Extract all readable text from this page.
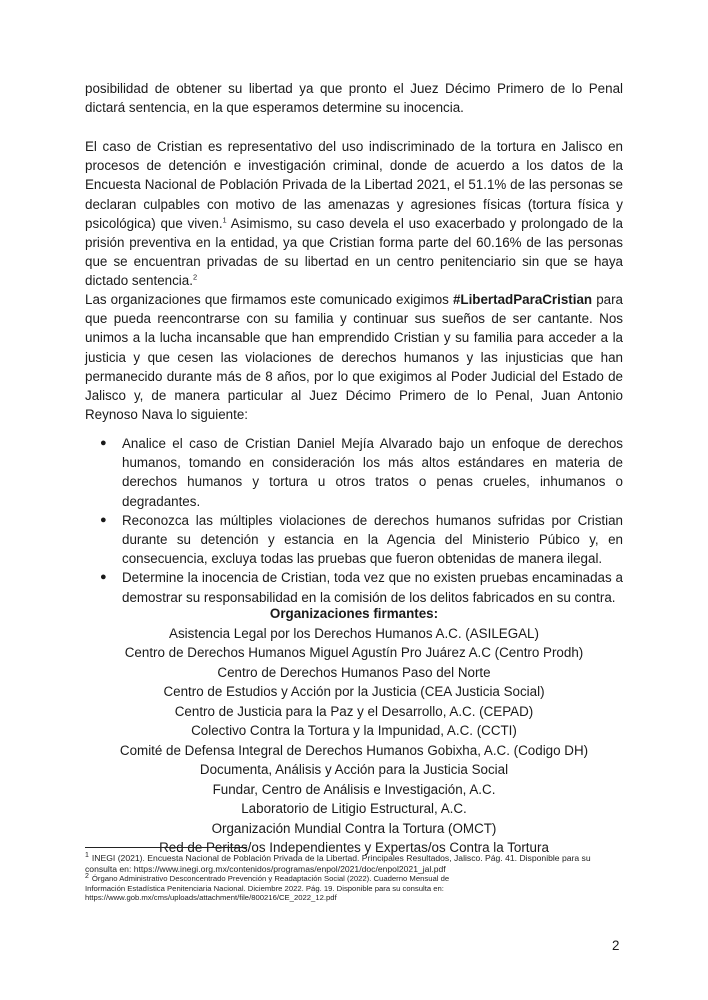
posibilidad de obtener su libertad ya que pronto el Juez Décimo Primero de lo Penal dictará sentencia, en la que esperamos determine su inocencia.

El caso de Cristian es representativo del uso indiscriminado de la tortura en Jalisco en procesos de detención e investigación criminal, donde de acuerdo a los datos de la Encuesta Nacional de Población Privada de la Libertad 2021, el 51.1% de las personas se declaran culpables con motivo de las amenazas y agresiones físicas (tortura física y psicológica) que viven.$^1$ Asimismo, su caso devela el uso exacerbado y prolongado de la prisión preventiva en la entidad, ya que Cristian forma parte del 60.16% de las personas que se encuentran privadas de su libertad en un centro penitenciario sin que se haya dictado sentencia.$^2$

Las organizaciones que firmamos este comunicado exigimos #LibertadParaCristian para que pueda reencontrarse con su familia y continuar sus sueños de ser cantante. Nos unimos a la lucha incansable que han emprendido Cristian y su familia para acceder a la justicia y que cesen las violaciones de derechos humanos y las injusticias que han permanecido durante más de 8 años, por lo que exigimos al Poder Judicial del Estado de Jalisco y, de manera particular al Juez Décimo Primero de lo Penal, Juan Antonio Reynoso Nava lo siguiente:

● Analice el caso de Cristian Daniel Mejía Alvarado bajo un enfoque de derechos humanos, tomando en consideración los más altos estándares en materia de derechos humanos y tortura u otros tratos o penas crueles, inhumanos o degradantes.
● Reconozca las múltiples violaciones de derechos humanos sufridas por Cristian durante su detención y estancia en la Agencia del Ministerio Púbico y, en consecuencia, excluya todas las pruebas que fueron obtenidas de manera ilegal.
● Determine la inocencia de Cristian, toda vez que no existen pruebas encaminadas a demostrar su responsabilidad en la comisión de los delitos fabricados en su contra.
Organizaciones firmantes:
Asistencia Legal por los Derechos Humanos A.C. (ASILEGAL)
Centro de Derechos Humanos Miguel Agustín Pro Juárez A.C (Centro Prodh)
Centro de Derechos Humanos Paso del Norte
Centro de Estudios y Acción por la Justicia (CEA Justicia Social)
Centro de Justicia para la Paz y el Desarrollo, A.C. (CEPAD)
Colectivo Contra la Tortura y la Impunidad, A.C. (CCTI)
Comité de Defensa Integral de Derechos Humanos Gobixha, A.C. (Codigo DH)
Documenta, Análisis y Acción para la Justicia Social
Fundar, Centro de Análisis e Investigación, A.C.
Laboratorio de Litigio Estructural, A.C.
Organización Mundial Contra la Tortura (OMCT)
Red de Peritas/os Independientes y Expertas/os Contra la Tortura

$^1$ INEGI (2021). Encuesta Nacional de Población Privada de la Libertad. Principales Resultados, Jalisco. Pág. 41. Disponible para su consulta en: https://www.inegi.org.mx/contenidos/programas/enpol/2021/doc/enpol2021_jal.pdf

$^2$ Órgano Administrativo Desconcentrado Prevención y Readaptación Social (2022). Cuaderno Mensual de
Información Estadística Penitenciaria Nacional. Diciembre 2022. Pág. 19. Disponible para su consulta en:
https://www.gob.mx/cms/uploads/attachment/file/800216/CE_2022_12.pdf

2
